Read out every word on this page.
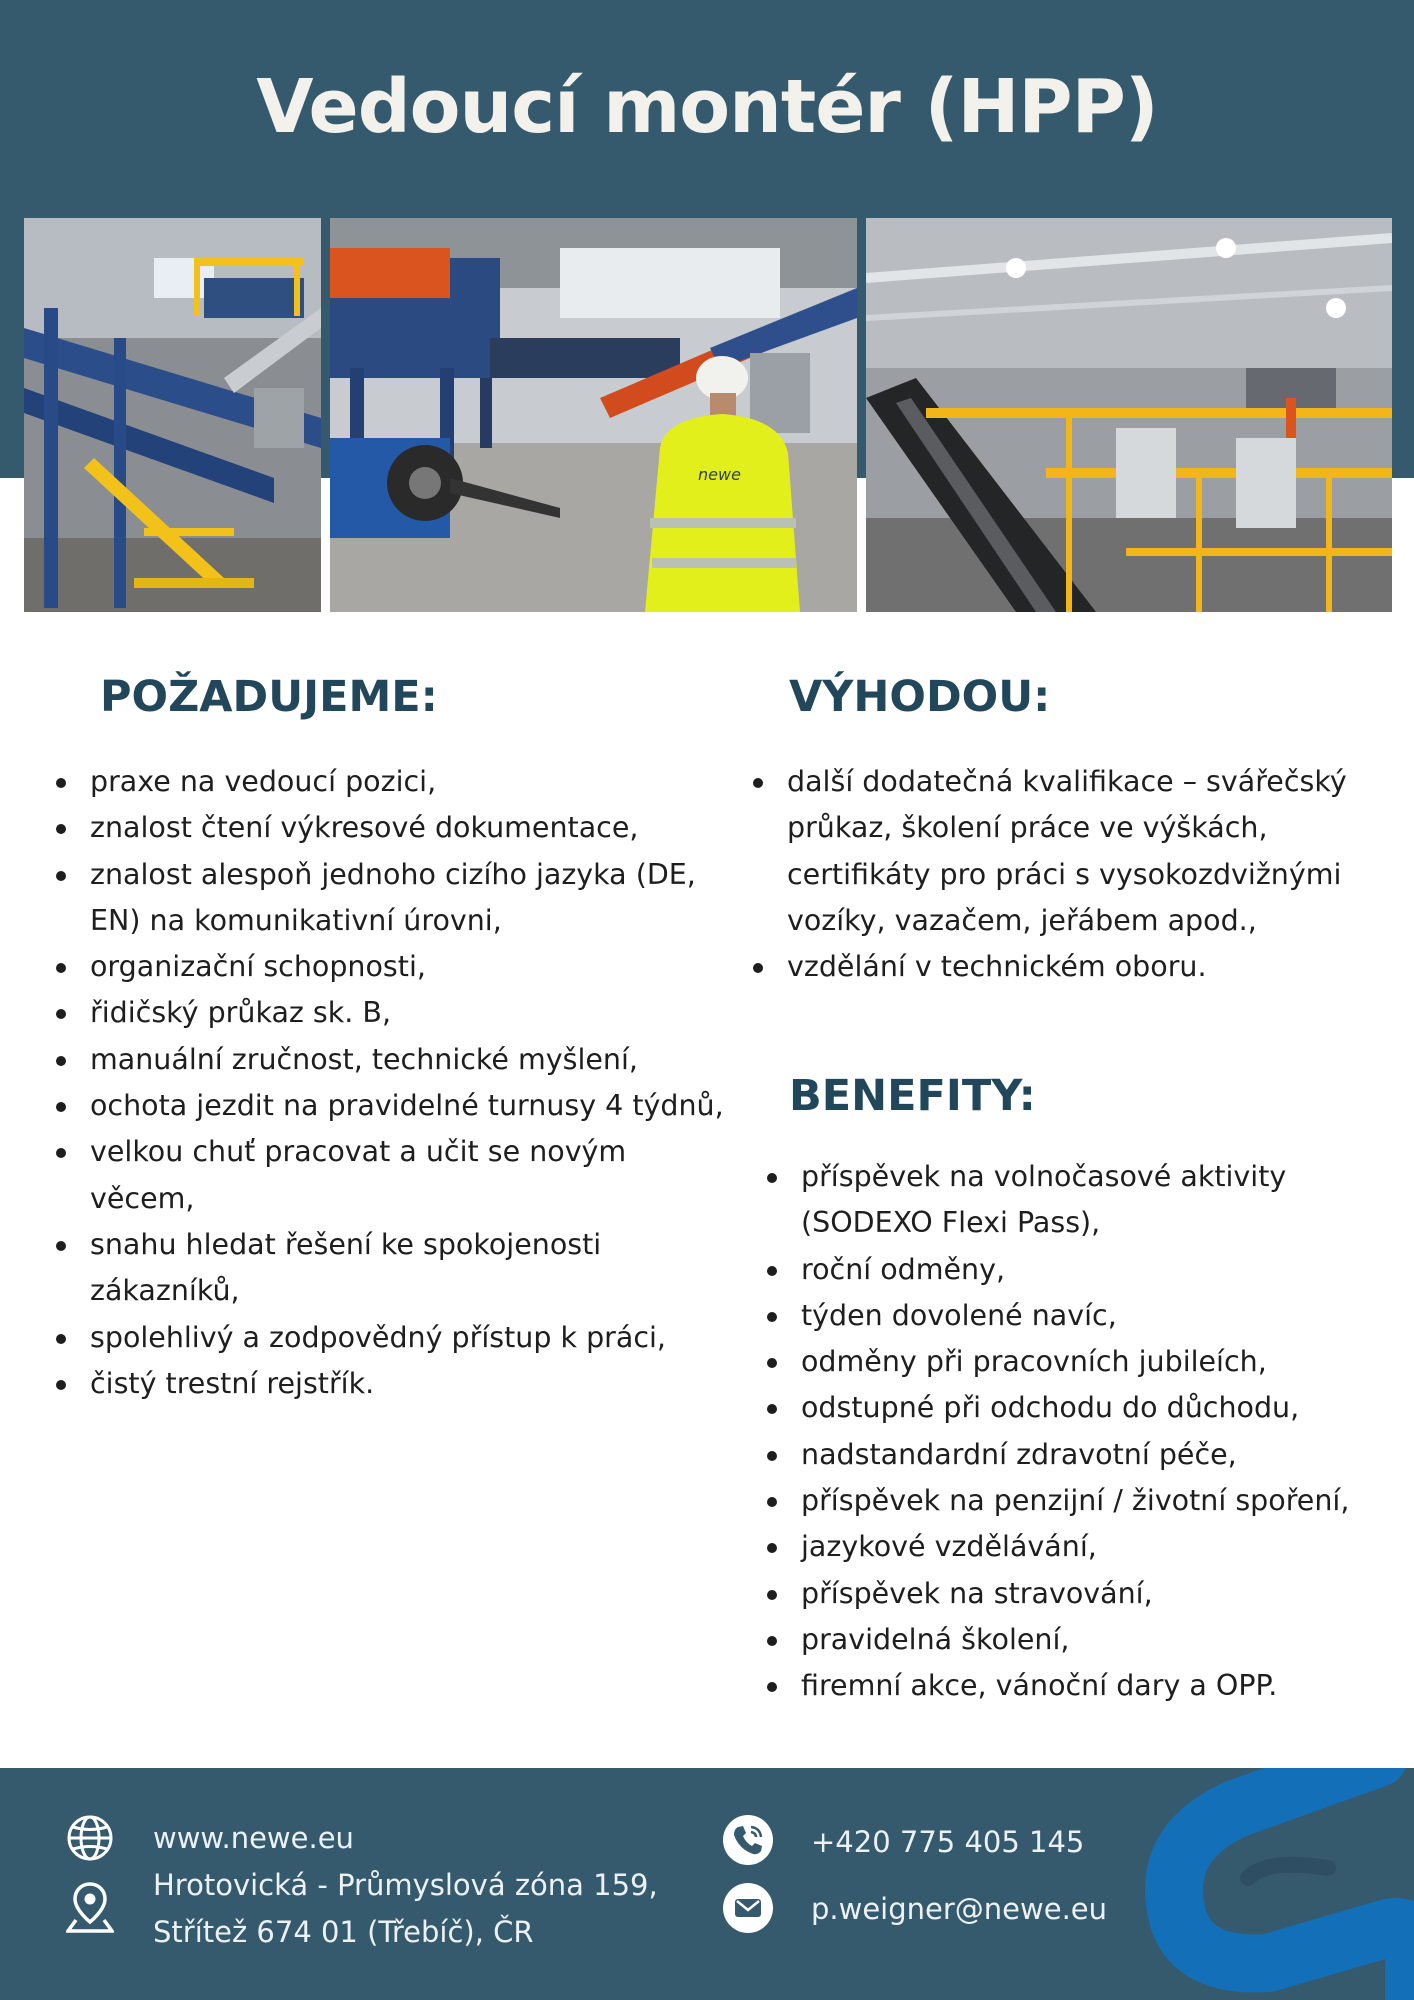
Vedoucí montér (HPP)
newe
POŽADUJEME:
praxe na vedoucí pozici,
znalost čtení výkresové dokumentace,
znalost alespoň jednoho cizího jazyka (DE, EN) na komunikativní úrovni,
organizační schopnosti,
řidičský průkaz sk. B,
manuální zručnost, technické myšlení,
ochota jezdit na pravidelné turnusy 4 týdnů,
velkou chuť pracovat a učit se novým věcem,
snahu hledat řešení ke spokojenosti zákazníků,
spolehlivý a zodpovědný přístup k práci,
čistý trestní rejstřík.
VÝHODOU:
další dodatečná kvalifikace – svářečský průkaz, školení práce ve výškách, certifikáty pro práci s vysokozdvižnými vozíky, vazačem, jeřábem apod.,
vzdělání v technickém oboru.
BENEFITY:
příspěvek na volnočasové aktivity (SODEXO Flexi Pass),
roční odměny,
týden dovolené navíc,
odměny při pracovních jubileích,
odstupné při odchodu do důchodu,
nadstandardní zdravotní péče,
příspěvek na penzijní / životní spoření,
jazykové vzdělávání,
příspěvek na stravování,
pravidelná školení,
firemní akce, vánoční dary a OPP.
www.newe.eu
Hrotovická - Průmyslová zóna 159,
Střítež 674 01 (Třebíč), ČR
+420 775 405 145
p.weigner@newe.eu
